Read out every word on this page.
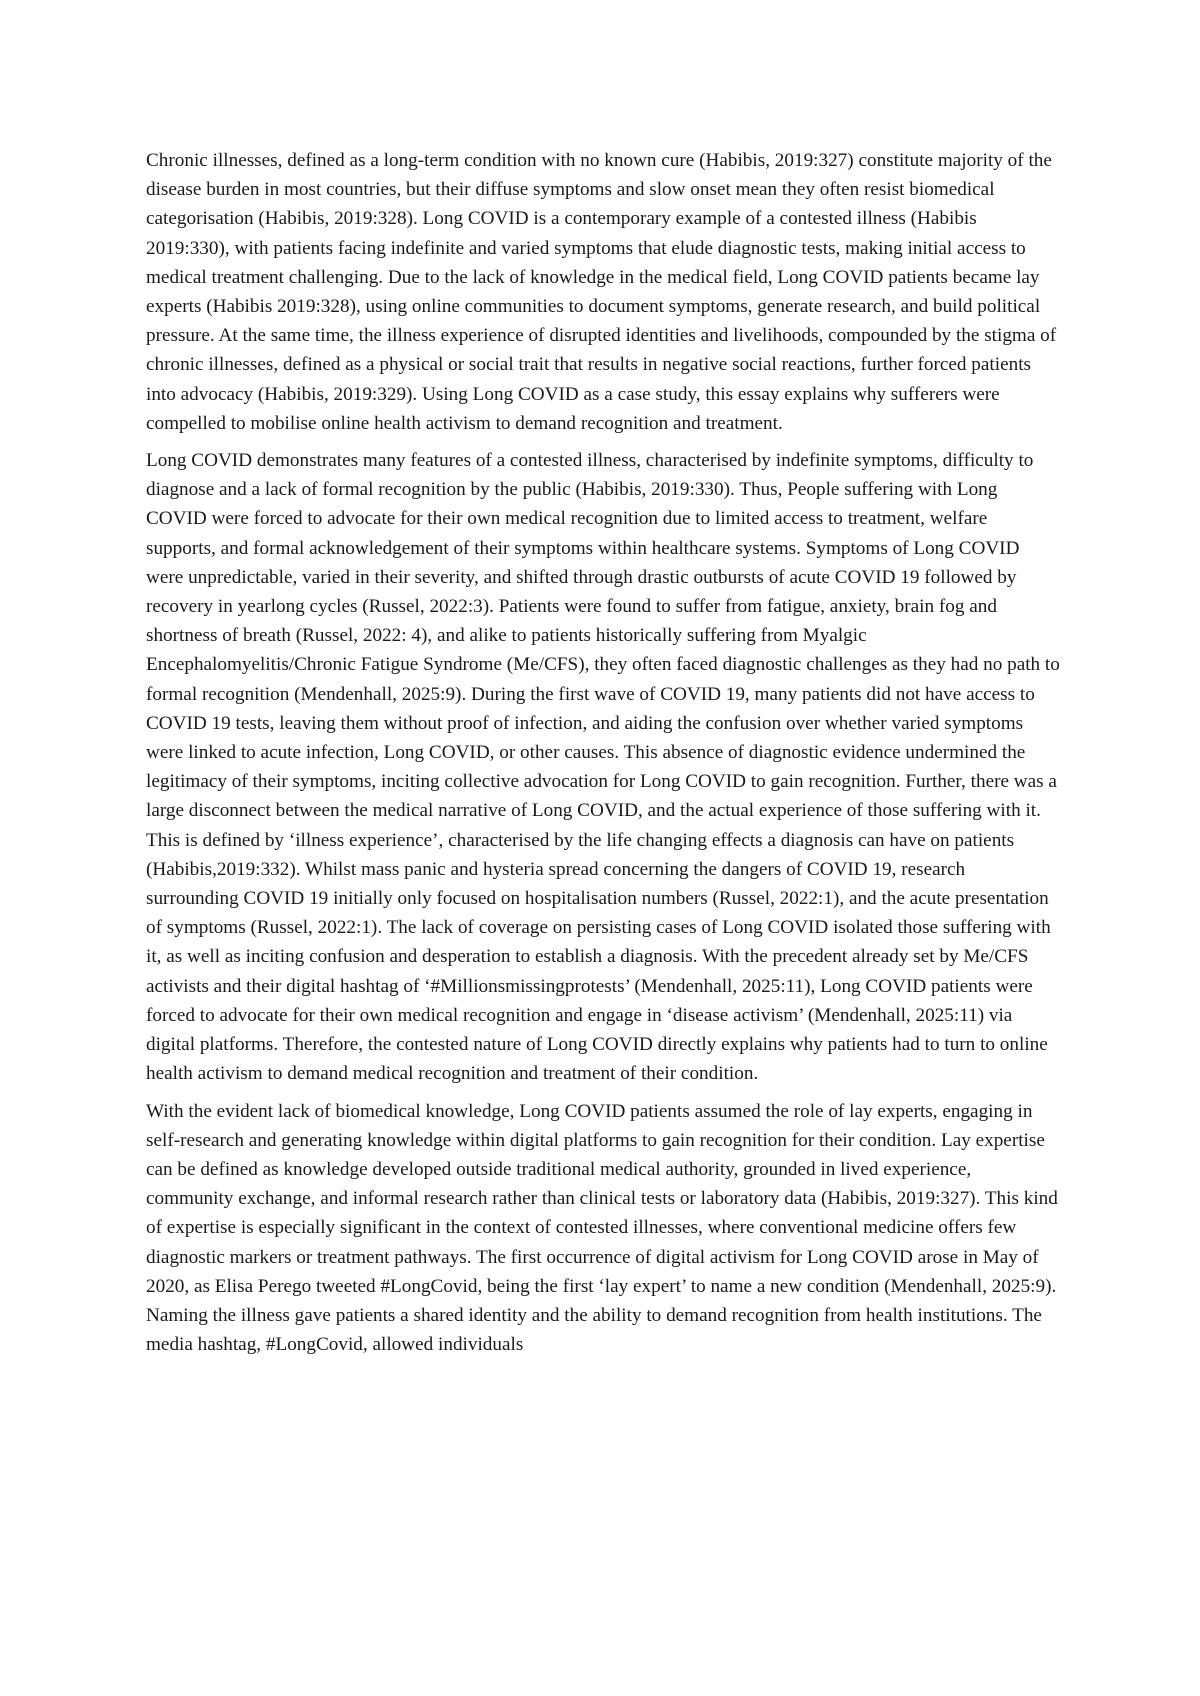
Chronic illnesses, defined as a long-term condition with no known cure (Habibis, 2019:327) constitute majority of the disease burden in most countries, but their diffuse symptoms and slow onset mean they often resist biomedical categorisation (Habibis, 2019:328). Long COVID is a contemporary example of a contested illness (Habibis 2019:330), with patients facing indefinite and varied symptoms that elude diagnostic tests, making initial access to medical treatment challenging. Due to the lack of knowledge in the medical field, Long COVID patients became lay experts (Habibis 2019:328), using online communities to document symptoms, generate research, and build political pressure. At the same time, the illness experience of disrupted identities and livelihoods, compounded by the stigma of chronic illnesses, defined as a physical or social trait that results in negative social reactions, further forced patients into advocacy (Habibis, 2019:329). Using Long COVID as a case study, this essay explains why sufferers were compelled to mobilise online health activism to demand recognition and treatment.

Long COVID demonstrates many features of a contested illness, characterised by indefinite symptoms, difficulty to diagnose and a lack of formal recognition by the public (Habibis, 2019:330). Thus, People suffering with Long COVID were forced to advocate for their own medical recognition due to limited access to treatment, welfare supports, and formal acknowledgement of their symptoms within healthcare systems. Symptoms of Long COVID were unpredictable, varied in their severity, and shifted through drastic outbursts of acute COVID 19 followed by recovery in yearlong cycles (Russel, 2022:3). Patients were found to suffer from fatigue, anxiety, brain fog and shortness of breath (Russel, 2022: 4), and alike to patients historically suffering from Myalgic Encephalomyelitis/Chronic Fatigue Syndrome (Me/CFS), they often faced diagnostic challenges as they had no path to formal recognition (Mendenhall, 2025:9). During the first wave of COVID 19, many patients did not have access to COVID 19 tests, leaving them without proof of infection, and aiding the confusion over whether varied symptoms were linked to acute infection, Long COVID, or other causes. This absence of diagnostic evidence undermined the legitimacy of their symptoms, inciting collective advocation for Long COVID to gain recognition. Further, there was a large disconnect between the medical narrative of Long COVID, and the actual experience of those suffering with it. This is defined by ‘illness experience’, characterised by the life changing effects a diagnosis can have on patients (Habibis,2019:332). Whilst mass panic and hysteria spread concerning the dangers of COVID 19, research surrounding COVID 19 initially only focused on hospitalisation numbers (Russel, 2022:1), and the acute presentation of symptoms (Russel, 2022:1). The lack of coverage on persisting cases of Long COVID isolated those suffering with it, as well as inciting confusion and desperation to establish a diagnosis. With the precedent already set by Me/CFS activists and their digital hashtag of ‘#Millionsmissingprotests’ (Mendenhall, 2025:11), Long COVID patients were forced to advocate for their own medical recognition and engage in ‘disease activism’ (Mendenhall, 2025:11) via digital platforms. Therefore, the contested nature of Long COVID directly explains why patients had to turn to online health activism to demand medical recognition and treatment of their condition.

With the evident lack of biomedical knowledge, Long COVID patients assumed the role of lay experts, engaging in self-research and generating knowledge within digital platforms to gain recognition for their condition. Lay expertise can be defined as knowledge developed outside traditional medical authority, grounded in lived experience, community exchange, and informal research rather than clinical tests or laboratory data (Habibis, 2019:327). This kind of expertise is especially significant in the context of contested illnesses, where conventional medicine offers few diagnostic markers or treatment pathways. The first occurrence of digital activism for Long COVID arose in May of 2020, as Elisa Perego tweeted #LongCovid, being the first ‘lay expert’ to name a new condition (Mendenhall, 2025:9). Naming the illness gave patients a shared identity and the ability to demand recognition from health institutions. The media hashtag, #LongCovid, allowed individuals
